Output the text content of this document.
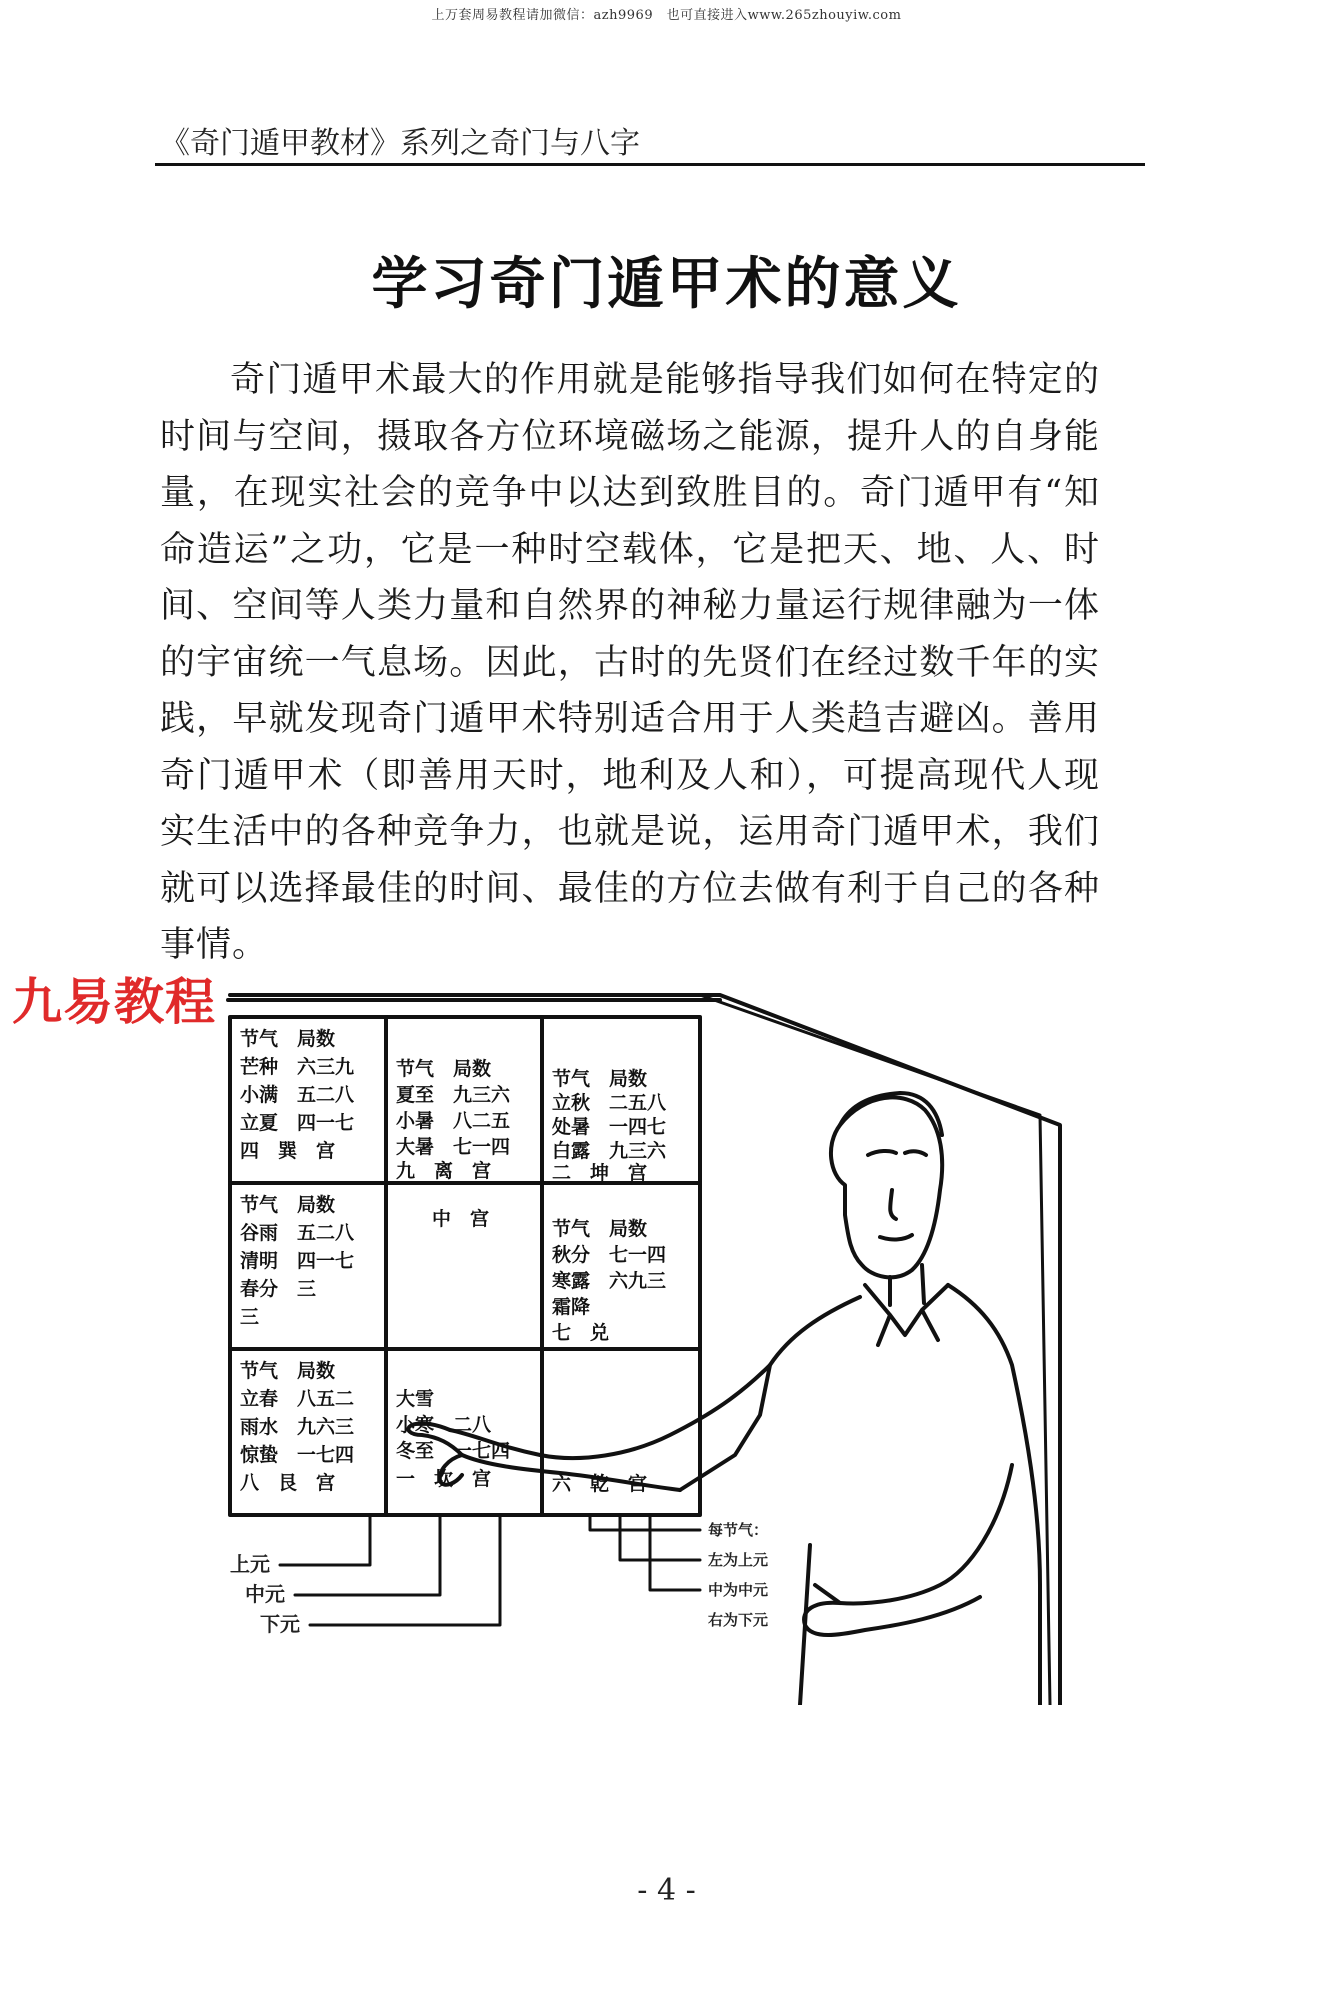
上万套周易教程请加微信：azh9969　也可直接进入www.265zhouyiw.com
《奇门遁甲教材》系列之奇门与八字
学习奇门遁甲术的意义
奇门遁甲术最大的作用就是能够指导我们如何在特定的时间与空间，摄取各方位环境磁场之能源，提升人的自身能量，在现实社会的竞争中以达到致胜目的。奇门遁甲有“知命造运”之功，它是一种时空载体，它是把天、地、人、时间、空间等人类力量和自然界的神秘力量运行规律融为一体的宇宙统一气息场。因此，古时的先贤们在经过数千年的实践，早就发现奇门遁甲术特别适合用于人类趋吉避凶。善用奇门遁甲术（即善用天时，地利及人和），可提高现代人现实生活中的各种竞争力，也就是说，运用奇门遁甲术，我们就可以选择最佳的时间、最佳的方位去做有利于自己的各种事情。
九易教程
节气　局数
芒种　六三九
小满　五二八
立夏　四一七
四　巽　宫
节气　局数
夏至　九三六
小暑　八二五
大暑　七一四
九　离　宫
节气　局数
立秋　二五八
处暑　一四七
白露　九三六
二　坤　宫
节气　局数
谷雨　五二八
清明　四一七
春分　三
三
中　宫	节气　局数
秋分　七一四
寒露　六九三
霜降
七　兑
节气　局数
立春　八五二
雨水　九六三
惊蛰　一七四
八　艮　宫
大雪
小寒　二八
冬至　一七四
一　坎　宫	六　乾　宫
上元
中元
下元
每节气：
左为上元
中为中元
右为下元
- 4 -
